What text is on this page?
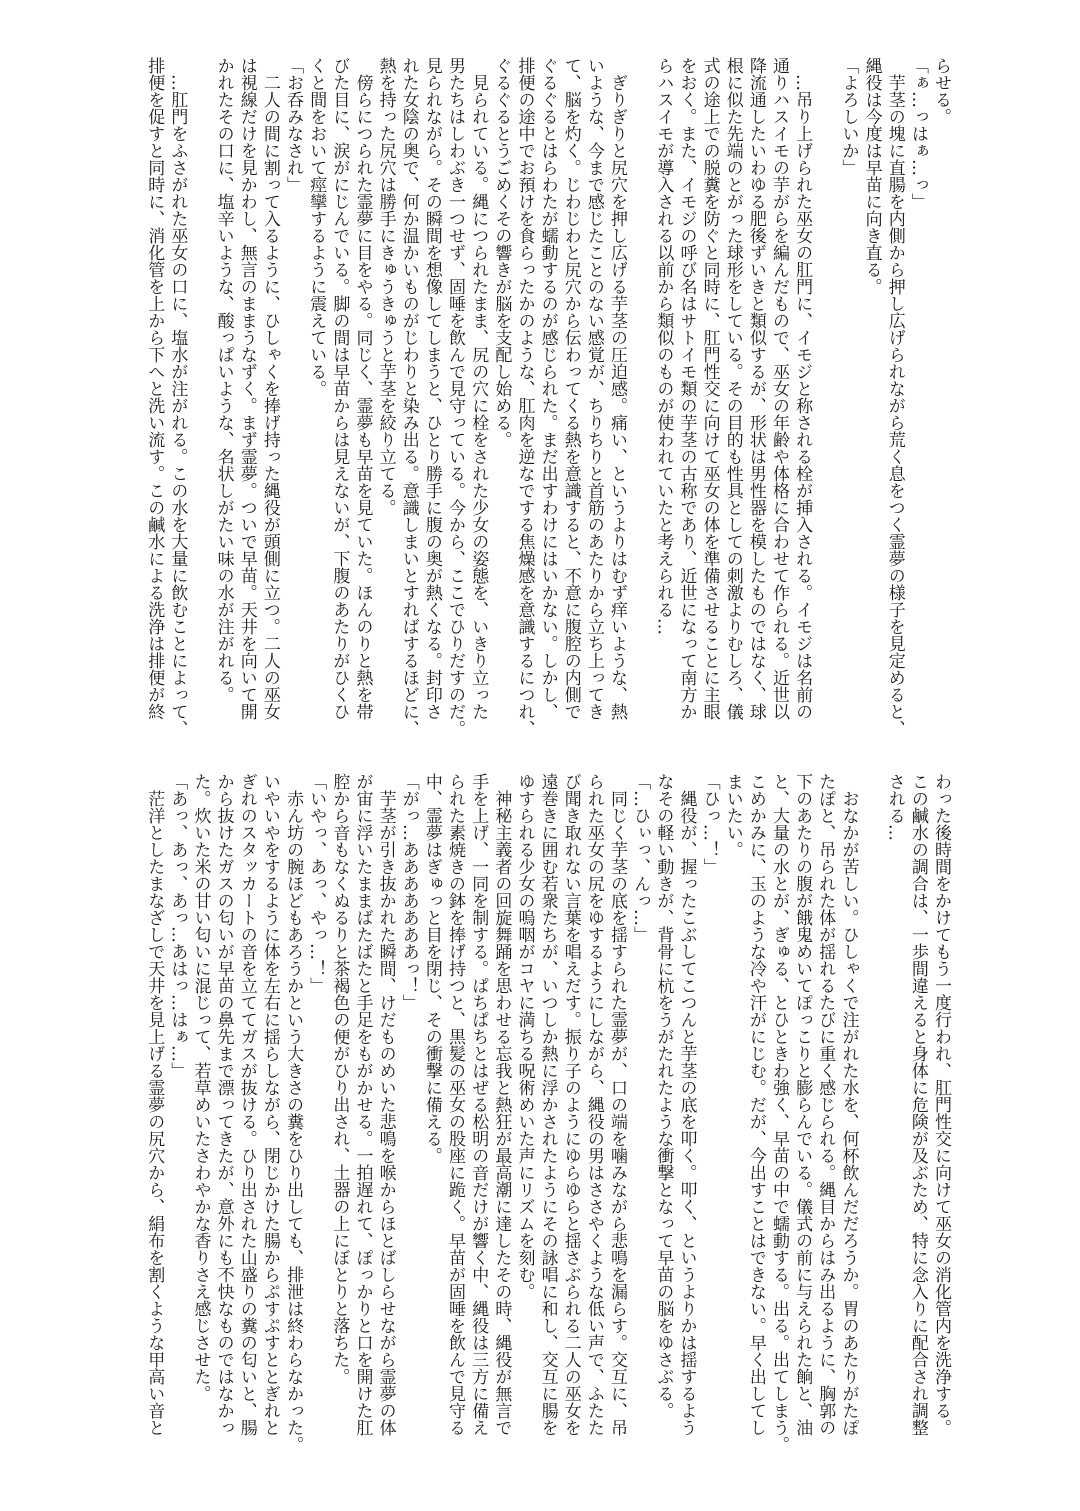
らせる。
「ぁ…っはぁ…っ」
　芋茎の塊に直腸を内側から押し広げられながら荒く息をつく霊夢の様子を見定めると、
縄役は今度は早苗に向き直る。
「よろしいか」
　…吊り上げられた巫女の肛門に、イモジと称される栓が挿入される。イモジは名前の
通りハスイモの芋がらを編んだもので、巫女の年齢や体格に合わせて作られる。近世以
降流通したいわゆる肥後ずいきと類似するが、形状は男性器を模したものではなく、球
根に似た先端のとがった球形をしている。その目的も性具としての刺激よりむしろ、儀
式の途上での脱糞を防ぐと同時に、肛門性交に向けて巫女の体を準備させることに主眼
をおく。また、イモジの呼び名はサトイモ類の芋茎の古称であり、近世になって南方か
らハスイモが導入される以前から類似のものが使われていたと考えられる…
　ぎりぎりと尻穴を押し広げる芋茎の圧迫感。痛い、というよりはむず痒いような、熱
いような、今まで感じたことのない感覚が、ちりちりと首筋のあたりから立ち上ってき
て、脳を灼く。じわじわと尻穴から伝わってくる熱を意識すると、不意に腹腔の内側で
ぐるぐるとはらわたが蠕動するのが感じられた。まだ出すわけにはいかない。しかし、
排便の途中でお預けを食らったかのような、肛肉を逆なでする焦燥感を意識するにつれ、
ぐるぐるとうごめくその響きが脳を支配し始める。
　見られている。縄につられたまま、尻の穴に栓をされた少女の姿態を、いきり立った
男たちはしわぶき一つせず、固唾を飲んで見守っている。今から、ここでひりだすのだ。
見られながら。その瞬間を想像してしまうと、ひとり勝手に腹の奥が熱くなる。封印さ
れた女陰の奥で、何か温かいものがじわりと染み出る。意識しまいとすればするほどに、
熱を持った尻穴は勝手にきゅうきゅうと芋茎を絞り立てる。
　傍らにつられた霊夢に目をやる。同じく、霊夢も早苗を見ていた。ほんのりと熱を帯
びた目に、涙がにじんでいる。脚の間は早苗からは見えないが、下腹のあたりがひくひ
くと間をおいて痙攣するように震えている。
「お呑みなされ」
　二人の間に割って入るように、ひしゃくを捧げ持った縄役が頭側に立つ。二人の巫女
は視線だけを見かわし、無言のままうなずく。まず霊夢。ついで早苗。天井を向いて開
かれたその口に、塩辛いような、酸っぱいような、名状しがたい味の水が注がれる。
　…肛門をふさがれた巫女の口に、塩水が注がれる。この水を大量に飲むことによって、
排便を促すと同時に、消化管を上から下へと洗い流す。この鹹水による洗浄は排便が終
わった後時間をかけてもう一度行われ、肛門性交に向けて巫女の消化管内を洗浄する。
この鹹水の調合は、一歩間違えると身体に危険が及ぶため、特に念入りに配合され調整
される…
　おなかが苦しい。ひしゃくで注がれた水を、何杯飲んだだろうか。胃のあたりがたぽ
たぽと、吊られた体が揺れるたびに重く感じられる。縄目からはみ出るように、胸郭の
下のあたりの腹が餓鬼めいてぽっこりと膨らんでいる。儀式の前に与えられた餉と、油
と、大量の水とが、ぎゅる、とひときわ強く、早苗の中で蠕動する。出る。出てしまう。
こめかみに、玉のような冷や汗がにじむ。だが、今出すことはできない。早く出してし
まいたい。
「ひっ…！」
　縄役が、握ったこぶしてこつんと芋茎の底を叩く。叩く、というよりかは揺するよう
なその軽い動きが、背骨に杭をうがたれたような衝撃となって早苗の脳をゆさぶる。
「…ひぃっ、んっ…」
　同じく芋茎の底を揺すられた霊夢が、口の端を噛みながら悲鳴を漏らす。交互に、吊
られた巫女の尻をゆするようにしながら、縄役の男はささやくような低い声で、ふたた
び聞き取れない言葉を唱えだす。振り子のようにゆらゆらと揺さぶられる二人の巫女を
遠巻きに囲む若衆たちが、いつしか熱に浮かされたようにその詠唱に和し、交互に腸を
ゆすられる少女の嗚咽がコヤに満ちる呪術めいた声にリズムを刻む。
　神秘主義者の回旋舞踊を思わせる忘我と熱狂が最高潮に達したその時、縄役が無言で
手を上げ、一同を制する。ぱちぱちとはぜる松明の音だけが響く中、縄役は三方に備え
られた素焼きの鉢を捧げ持つと、黒髪の巫女の股座に跪く。早苗が固唾を飲んで見守る
中、霊夢はぎゅっと目を閉じ、その衝撃に備える。
「がっ…あああああああっ！」
　芋茎が引き抜かれた瞬間、けだものめいた悲鳴を喉からほとばしらせながら霊夢の体
が宙に浮いたままばたばたと手足をもがかせる。一拍遅れて、ぽっかりと口を開けた肛
腔から音もなくぬるりと茶褐色の便がひり出され、土器の上にぼとりと落ちた。
「いやっ、あっ、やっ…！」
　赤ん坊の腕ほどもあろうかという大きさの糞をひり出しても、排泄は終わらなかった。
いやいやをするように体を左右に揺らしながら、閉じかけた腸からぷすぷすととぎれと
ぎれのスタッカートの音を立ててガスが抜ける。ひり出された山盛りの糞の匂いと、腸
から抜けたガスの匂いが早苗の鼻先まで漂ってきたが、意外にも不快なものではなかっ
た。炊いた米の甘い匂いに混じって、若草めいたさわやかな香りさえ感じさせた。
「あっ、あっ、あっ…あはっ…はぁ…」
　茫洋としたまなざしで天井を見上げる霊夢の尻穴から、絹布を割くような甲高い音と
